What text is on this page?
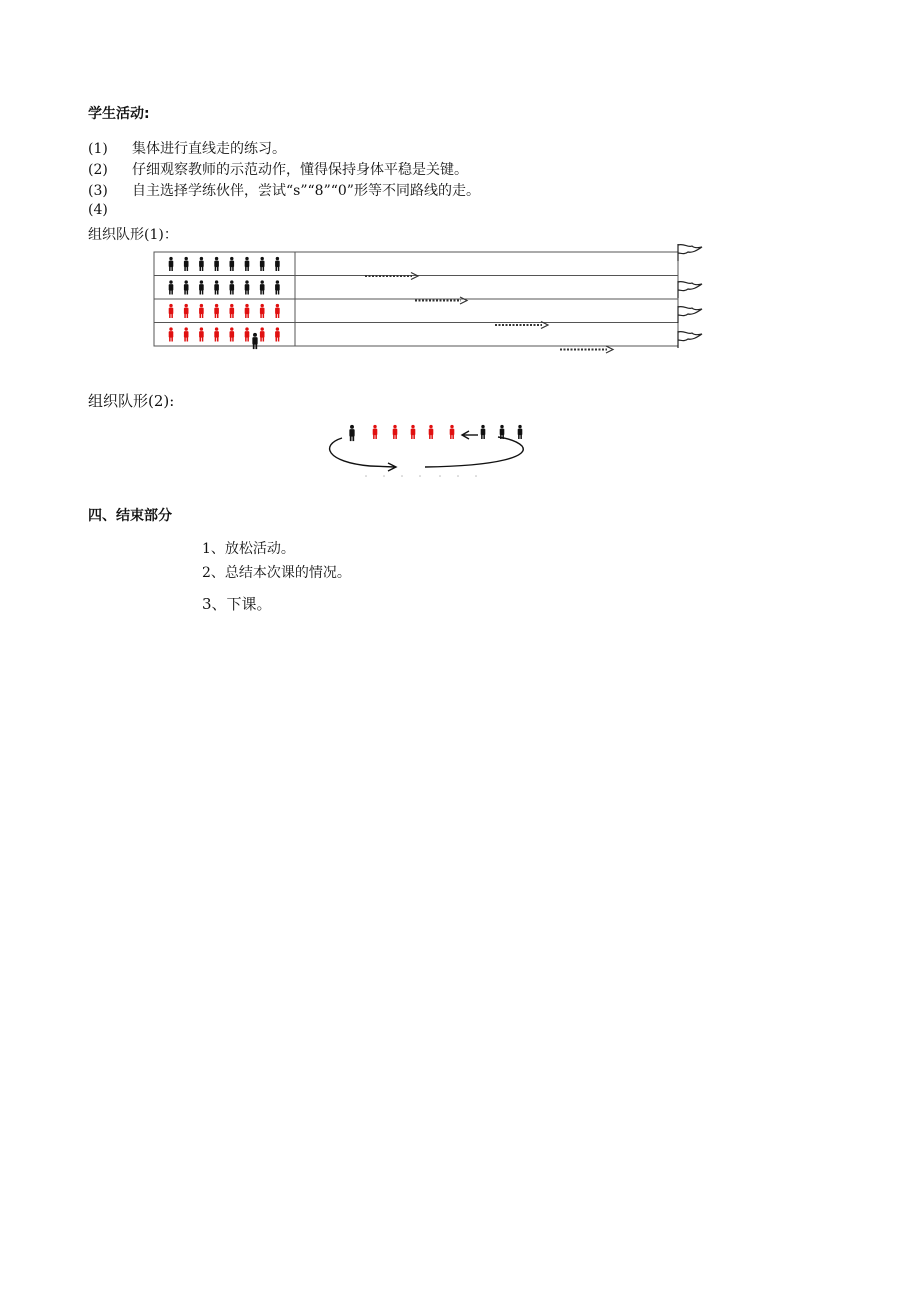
学生活动:
(1) 集体进行直线走的练习。
(2) 仔细观察教师的示范动作，懂得保持身体平稳是关键。
(3) 自主选择学练伙伴，尝试“s”“8”“0”形等不同路线的走。
(4)
组织队形(1)：
组织队形(2):
四、结束部分
1、放松活动。
2、总结本次课的情况。
3、下课。
